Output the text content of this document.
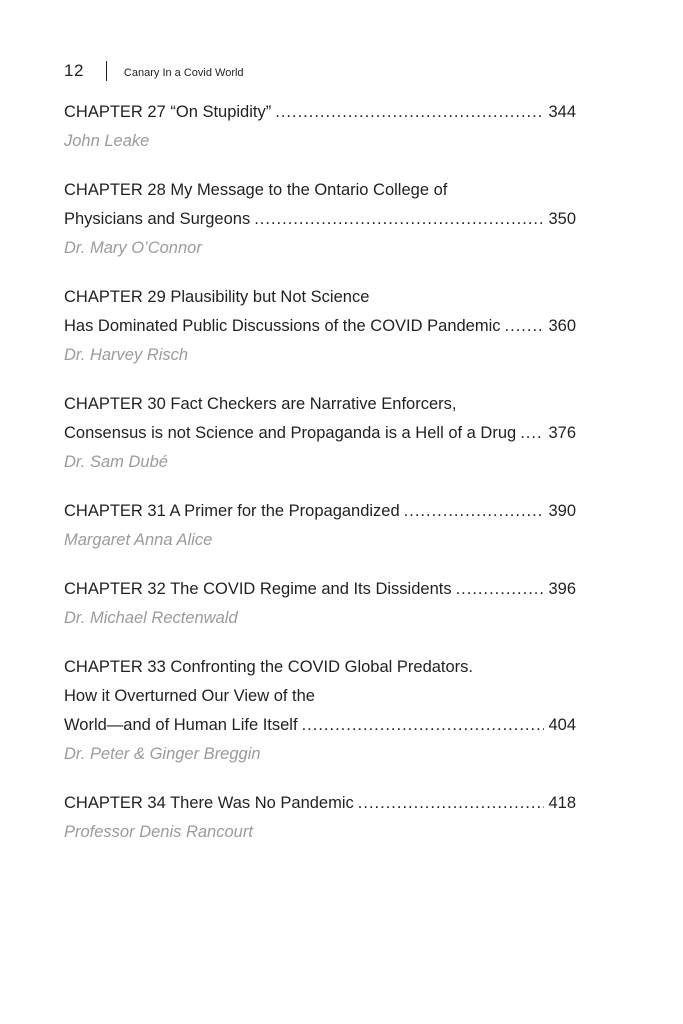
12	Canary In a Covid World
CHAPTER 27 “On Stupidity” .....	344
John Leake
CHAPTER 28 My Message to the Ontario College of
Physicians and Surgeons .....	350
Dr. Mary O’Connor
CHAPTER 29 Plausibility but Not Science
Has Dominated Public Discussions of the COVID Pandemic .....	360
Dr. Harvey Risch
CHAPTER 30 Fact Checkers are Narrative Enforcers,
Consensus is not Science and Propaganda is a Hell of a Drug ..... 376
Dr. Sam Dubé
CHAPTER 31 A Primer for the Propagandized .....	390
Margaret Anna Alice
CHAPTER 32 The COVID Regime and Its Dissidents .....	396
Dr. Michael Rectenwald
CHAPTER 33 Confronting the COVID Global Predators.
How it Overturned Our View of the
World—and of Human Life Itself .....	404
Dr. Peter & Ginger Breggin
CHAPTER 34 There Was No Pandemic .....	418
Professor Denis Rancourt
